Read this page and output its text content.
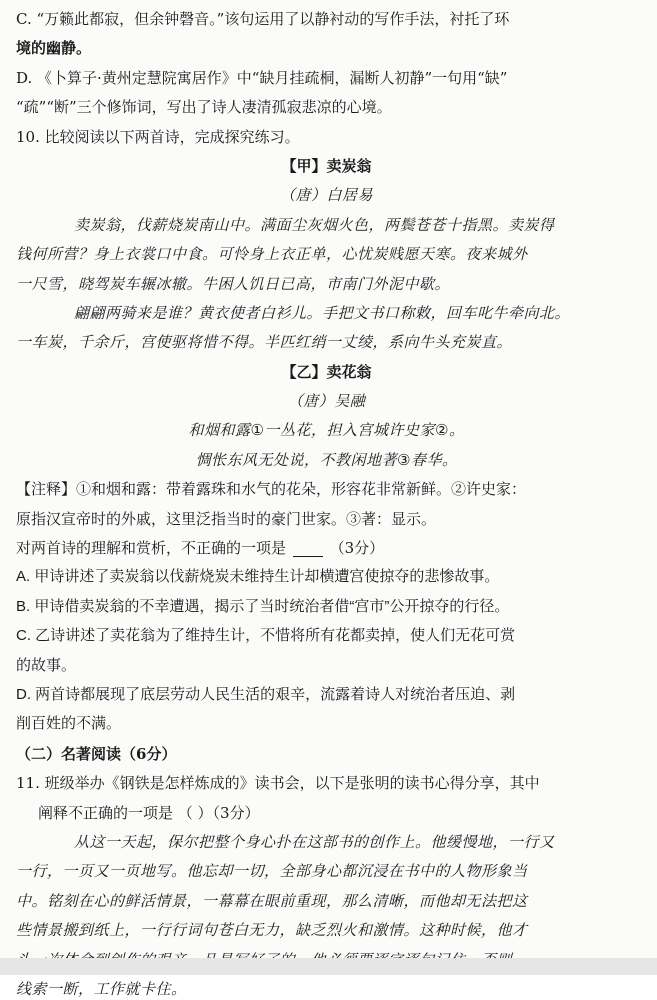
C. “万籁此都寂，但余钟磬音。”该句运用了以静衬动的写作手法，衬托了环
境的幽静。
D. 《卜算子·黄州定慧院寓居作》中“缺月挂疏桐，漏断人初静”一句用“缺”
“疏”“断”三个修饰词，写出了诗人凄清孤寂悲凉的心境。
10. 比较阅读以下两首诗，完成探究练习。
【甲】卖炭翁
（唐）白居易
卖炭翁，伐薪烧炭南山中。满面尘灰烟火色，两鬓苍苍十指黑。卖炭得
钱何所营？身上衣裳口中食。可怜身上衣正单，心忧炭贱愿天寒。夜来城外
一尺雪，晓驾炭车辗冰辙。牛困人饥日已高，市南门外泥中歇。
翩翩两骑来是谁？黄衣使者白衫儿。手把文书口称敕，回车叱牛牵向北。
一车炭，千余斤，宫使驱将惜不得。半匹红绡一丈绫，系向牛头充炭直。
【乙】卖花翁
（唐）吴融
和烟和露①一丛花，担入宫城许史家②。
惆怅东风无处说，不教闲地著③春华。
【注释】①和烟和露：带着露珠和水气的花朵，形容花非常新鲜。②许史家：
原指汉宣帝时的外戚，这里泛指当时的豪门世家。③著：显示。
对两首诗的理解和赏析，不正确的一项是	（3分）
A. 甲诗讲述了卖炭翁以伐薪烧炭未维持生计却横遭宫使掠夺的悲惨故事。
B. 甲诗借卖炭翁的不幸遭遇，揭示了当时统治者借“宫市”公开掠夺的行径。
C. 乙诗讲述了卖花翁为了维持生计，不惜将所有花都卖掉，使人们无花可赏
的故事。
D. 两首诗都展现了底层劳动人民生活的艰辛，流露着诗人对统治者压迫、剥
削百姓的不满。
（二）名著阅读（6分）
11. 班级举办《钢铁是怎样炼成的》读书会，以下是张明的读书心得分享，其中
阐释不正确的一项是 （ ）（3分）
从这一天起，保尔把整个身心扑在这部书的创作上。他缓慢地，一行又
一行，一页又一页地写。他忘却一切，全部身心都沉浸在书中的人物形象当
中。铭刻在心的鲜活情景，一幕幕在眼前重现，那么清晰，而他却无法把这
些情景搬到纸上，一行行词句苍白无力，缺乏烈火和激情。这种时候，他才
线索一断，工作就卡住。
